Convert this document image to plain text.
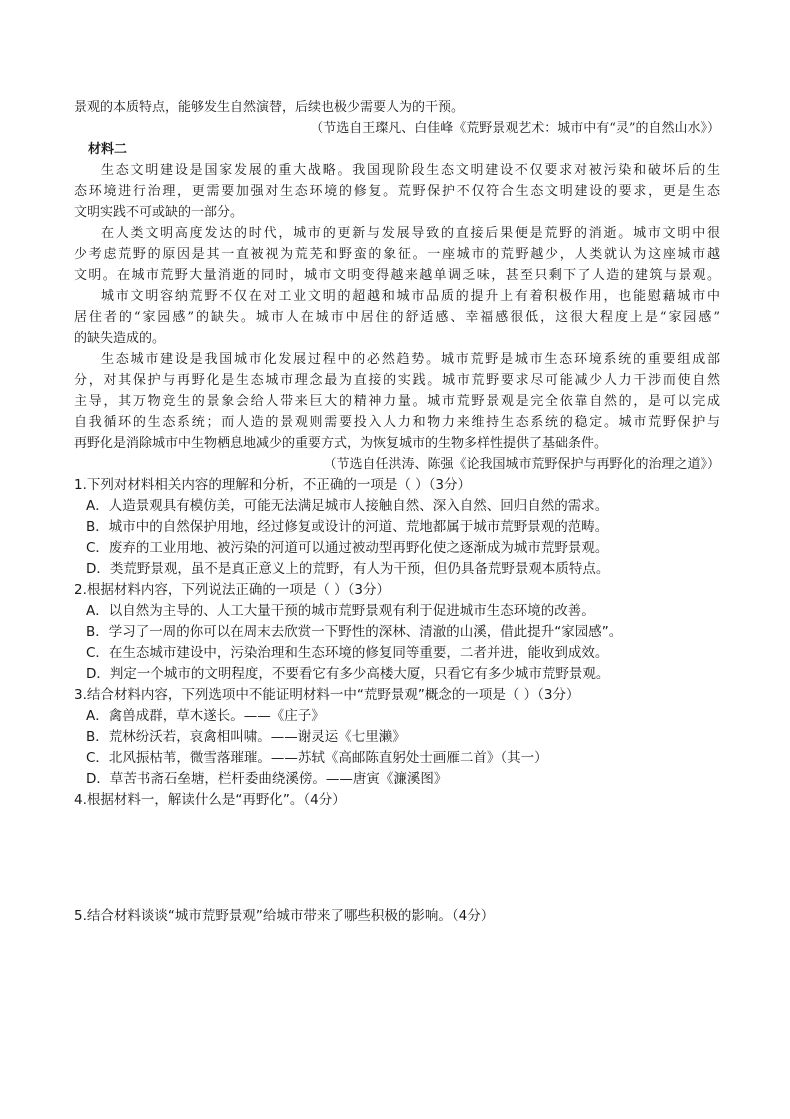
景观的本质特点，能够发生自然演替，后续也极少需要人为的干预。
（节选自王璨凡、白佳峰《荒野景观艺术：城市中有“灵”的自然山水》）
材料二
生态文明建设是国家发展的重大战略。我国现阶段生态文明建设不仅要求对被污染和破坏后的生
态环境进行治理，更需要加强对生态环境的修复。荒野保护不仅符合生态文明建设的要求，更是生态
文明实践不可或缺的一部分。
在人类文明高度发达的时代，城市的更新与发展导致的直接后果便是荒野的消逝。城市文明中很
少考虑荒野的原因是其一直被视为荒芜和野蛮的象征。一座城市的荒野越少，人类就认为这座城市越
文明。在城市荒野大量消逝的同时，城市文明变得越来越单调乏味，甚至只剩下了人造的建筑与景观。
城市文明容纳荒野不仅在对工业文明的超越和城市品质的提升上有着积极作用，也能慰藉城市中
居住者的“家园感”的缺失。城市人在城市中居住的舒适感、幸福感很低，这很大程度上是“家园感”
的缺失造成的。
生态城市建设是我国城市化发展过程中的必然趋势。城市荒野是城市生态环境系统的重要组成部
分，对其保护与再野化是生态城市理念最为直接的实践。城市荒野要求尽可能减少人力干涉而使自然
主导，其万物竞生的景象会给人带来巨大的精神力量。城市荒野景观是完全依靠自然的，是可以完成
自我循环的生态系统；而人造的景观则需要投入人力和物力来维持生态系统的稳定。城市荒野保护与
再野化是消除城市中生物栖息地减少的重要方式，为恢复城市的生物多样性提供了基础条件。
（节选自任洪涛、陈强《论我国城市荒野保护与再野化的治理之道》）
1.下列对材料相关内容的理解和分析，不正确的一项是（ ）（3分）
A．人造景观具有模仿美，可能无法满足城市人接触自然、深入自然、回归自然的需求。
B．城市中的自然保护用地，经过修复或设计的河道、荒地都属于城市荒野景观的范畴。
C．废弃的工业用地、被污染的河道可以通过被动型再野化使之逐渐成为城市荒野景观。
D．类荒野景观，虽不是真正意义上的荒野，有人为干预，但仍具备荒野景观本质特点。
2.根据材料内容，下列说法正确的一项是（ ）（3分）
A．以自然为主导的、人工大量干预的城市荒野景观有利于促进城市生态环境的改善。
B．学习了一周的你可以在周末去欣赏一下野性的深林、清澈的山溪，借此提升“家园感”。
C．在生态城市建设中，污染治理和生态环境的修复同等重要，二者并进，能收到成效。
D．判定一个城市的文明程度，不要看它有多少高楼大厦，只看它有多少城市荒野景观。
3.结合材料内容，下列选项中不能证明材料一中“荒野景观”概念的一项是（ ）（3分）
A．禽兽成群，草木遂长。——《庄子》
B．荒林纷沃若，哀禽相叫啸。——谢灵运《七里濑》
C．北风振枯苇，微雪落璀璀。——苏轼《高邮陈直躬处士画雁二首》（其一）
D．草苦书斋石垒塘，栏杆委曲绕溪傍。——唐寅《濂溪图》
4.根据材料一，解读什么是“再野化”。（4分）
5.结合材料谈谈“城市荒野景观”给城市带来了哪些积极的影响。（4分）
